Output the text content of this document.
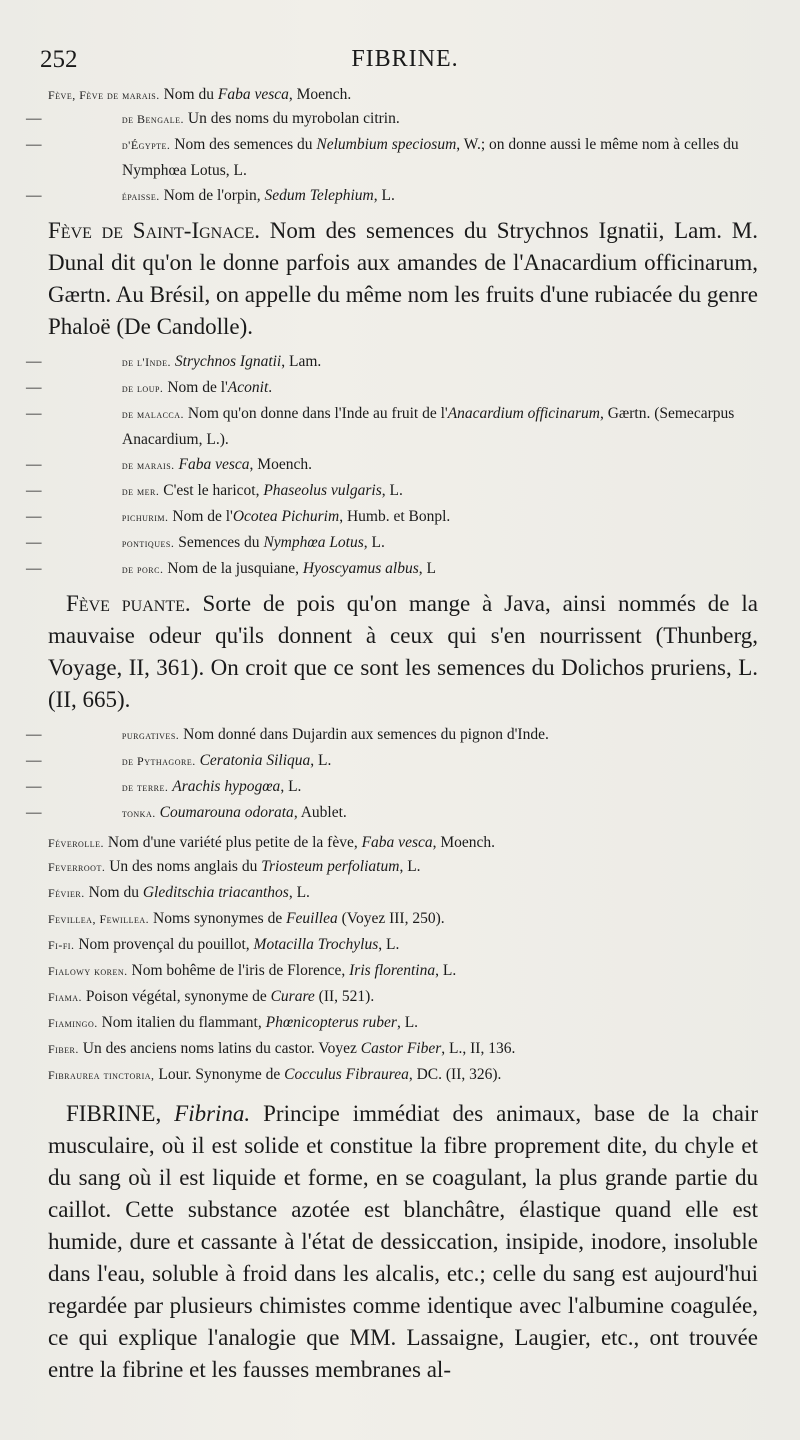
252	FIBRINE.

Fève, Fève de marais. Nom du Faba vesca, Moench.

—	de Bengale. Un des noms du myrobolan citrin.

—	d'Égypte. Nom des semences du Nelumbium speciosum, W.; on donne aussi le même nom à celles du Nymphœa Lotus, L.

—	épaisse. Nom de l'orpin, Sedum Telephium, L.

Fève de Saint-Ignace. Nom des semences du Strychnos Ignatii, Lam. M. Dunal dit qu'on le donne parfois aux amandes de l'Anacardium officinarum, Gærtn. Au Brésil, on appelle du même nom les fruits d'une rubiacée du genre Phaloë (De Candolle).

—	de l'Inde. Strychnos Ignatii, Lam.

—	de loup. Nom de l'Aconit.

—	de malacca. Nom qu'on donne dans l'Inde au fruit de l'Anacardium officinarum, Gærtn. (Semecarpus Anacardium, L.).

—	de marais. Faba vesca, Moench.

—	de mer. C'est le haricot, Phaseolus vulgaris, L.

—	pichurim. Nom de l'Ocotea Pichurim, Humb. et Bonpl.

—	pontiques. Semences du Nymphœa Lotus, L.

—	de porc. Nom de la jusquiane, Hyoscyamus albus, L

Fève puante. Sorte de pois qu'on mange à Java, ainsi nommés de la mauvaise odeur qu'ils donnent à ceux qui s'en nourrissent (Thunberg, Voyage, II, 361). On croit que ce sont les semences du Dolichos pruriens, L. (II, 665).

—	purgatives. Nom donné dans Dujardin aux semences du pignon d'Inde.

—	de Pythagore. Ceratonia Siliqua, L.

—	de terre. Arachis hypogœa, L.

—	tonka. Coumarouna odorata, Aublet.

Féverolle. Nom d'une variété plus petite de la fève, Faba vesca, Moench.

Feverroot. Un des noms anglais du Triosteum perfoliatum, L.

Févier. Nom du Gleditschia triacanthos, L.

Fevillea, Fewillea. Noms synonymes de Feuillea (Voyez III, 250).

Fi-fi. Nom provençal du pouillot, Motacilla Trochylus, L.

Fialowy koren. Nom bohême de l'iris de Florence, Iris florentina, L.

Fiama. Poison végétal, synonyme de Curare (II, 521).

Fiamingo. Nom italien du flammant, Phœnicopterus ruber, L.

Fiber. Un des anciens noms latins du castor. Voyez Castor Fiber, L., II, 136.

Fibraurea tinctoria, Lour. Synonyme de Cocculus Fibraurea, DC. (II, 326).

FIBRINE, Fibrina. Principe immédiat des animaux, base de la chair musculaire, où il est solide et constitue la fibre proprement dite, du chyle et du sang où il est liquide et forme, en se coagulant, la plus grande partie du caillot. Cette substance azotée est blanchâtre, élastique quand elle est humide, dure et cassante à l'état de dessiccation, insipide, inodore, insoluble dans l'eau, soluble à froid dans les alcalis, etc.; celle du sang est aujourd'hui regardée par plusieurs chimistes comme identique avec l'albumine coagulée, ce qui explique l'analogie que MM. Lassaigne, Laugier, etc., ont trouvée entre la fibrine et les fausses membranes al-
